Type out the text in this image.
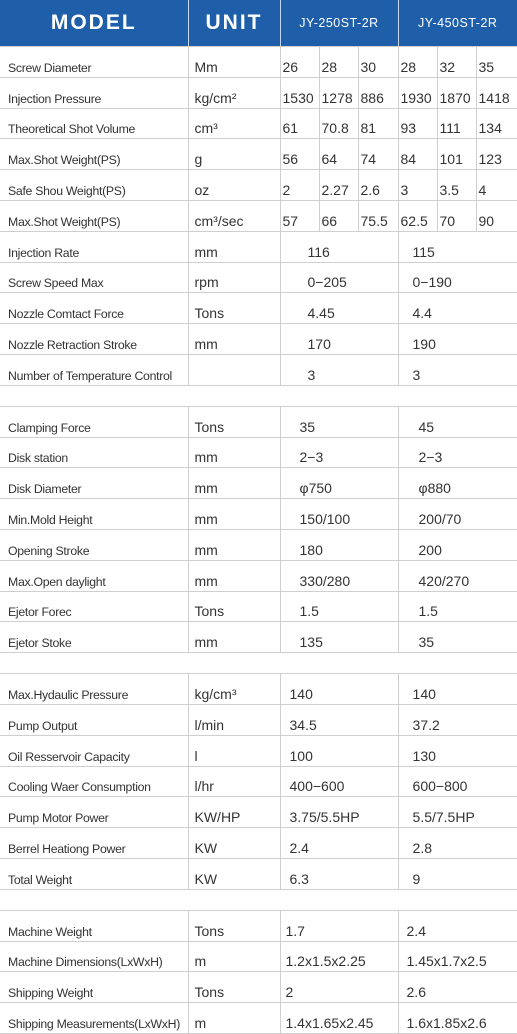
MODEL	UNIT	JY-250ST-2R	JY-450ST-2R
Screw Diameter	Mm	26	28	30	28	32	35
Injection Pressure	kg/cm²	1530	1278	886	1930	1870	1418
Theoretical Shot Volume	cm³	61	70.8	81	93	111	134
Max.Shot Weight(PS)	g	56	64	74	84	101	123
Safe Shou Weight(PS)	oz	2	2.27	2.6	3	3.5	4
Max.Shot Weight(PS)	cm³/sec	57	66	75.5	62.5	70	90
Injection Rate	mm	116			115		
Screw Speed Max	rpm	0−205			0−190		
Nozzle Comtact Force	Tons	4.45			4.4		
Nozzle Retraction Stroke	mm	170			190		
Number of Temperature Control		3			3		
Clamping Force	Tons	35	45
Disk station	mm	2−3	2−3
Disk Diameter	mm	φ750	φ880
Min.Mold Height	mm	150/100	200/70
Opening Stroke	mm	180	200
Max.Open daylight	mm	330/280	420/270
Ejetor Forec	Tons	1.5	1.5
Ejetor Stoke	mm	135	35
Max.Hydaulic Pressure	kg/cm³	140	140
Pump Output	l/min	34.5	37.2
Oil Resservoir Capacity	l	100	130
Cooling Waer Consumption	l/hr	400−600	600−800
Pump Motor Power	KW/HP	3.75/5.5HP	5.5/7.5HP
Berrel Heationg Power	KW	2.4	2.8
Total Weight	KW	6.3	9
Machine Weight	Tons	1.7	2.4
Machine Dimensions(LxWxH)	m	1.2x1.5x2.25	1.45x1.7x2.5
Shipping Weight	Tons	2	2.6
Shipping Measurements(LxWxH)	m	1.4x1.65x2.45	1.6x1.85x2.6
